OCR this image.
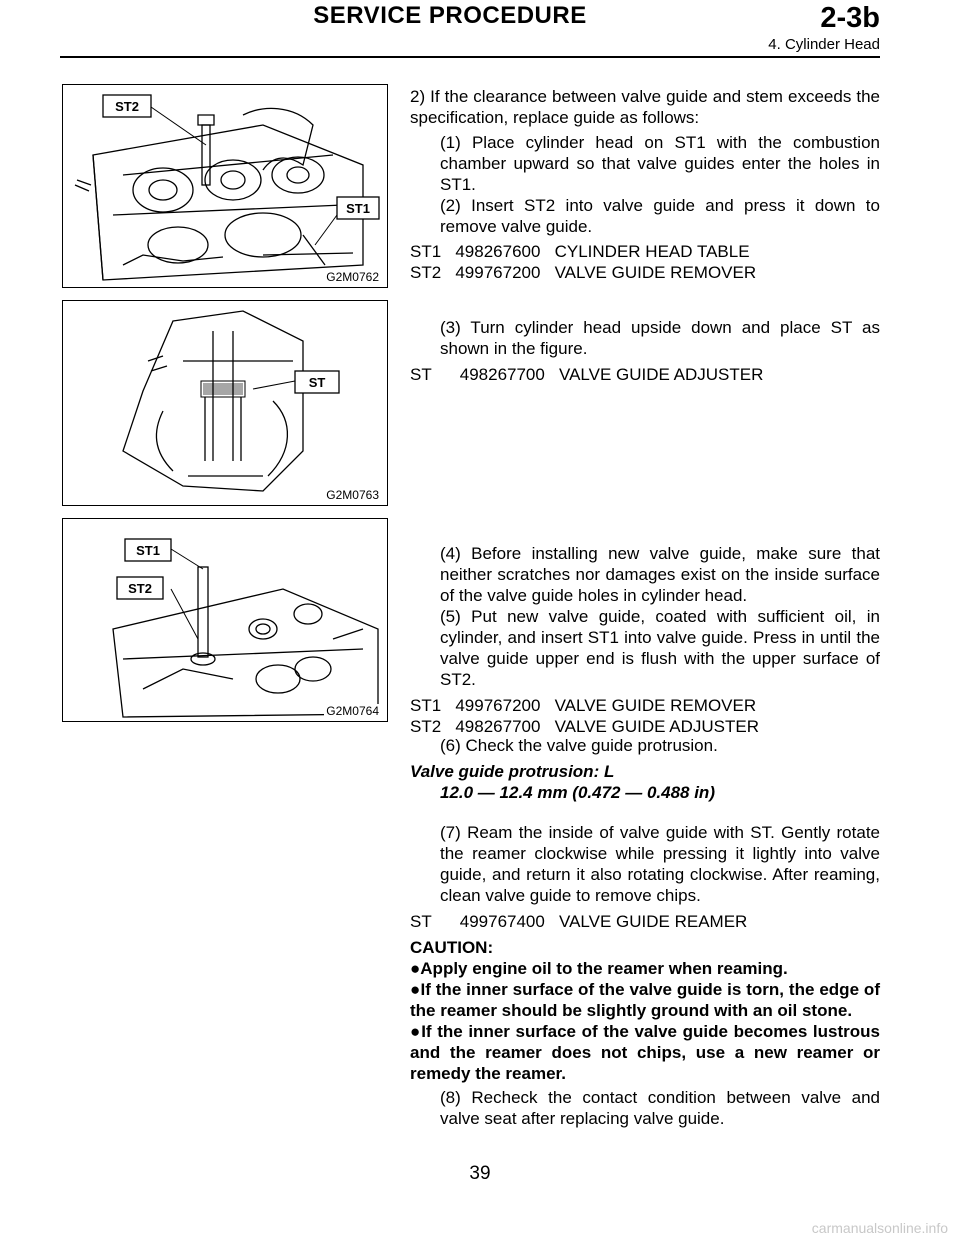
SERVICE PROCEDURE	2-3b
4. Cylinder Head
ST2
ST1
G2M0762
ST
G2M0763
ST1
ST2
G2M0764

2) If the clearance between valve guide and stem exceeds the specification, replace guide as follows:

(1) Place cylinder head on ST1 with the combustion chamber upward so that valve guides enter the holes in ST1.

(2) Insert ST2 into valve guide and press it down to remove valve guide.

ST1   498267600   CYLINDER HEAD TABLE

ST2   499767200   VALVE GUIDE REMOVER

(3) Turn cylinder head upside down and place ST as shown in the figure.

ST      498267700   VALVE GUIDE ADJUSTER

(4) Before installing new valve guide, make sure that neither scratches nor damages exist on the inside surface of the valve guide holes in cylinder head.

(5) Put new valve guide, coated with sufficient oil, in cylinder, and insert ST1 into valve guide. Press in until the valve guide upper end is flush with the upper surface of ST2.

ST1   499767200   VALVE GUIDE REMOVER

ST2   498267700   VALVE GUIDE ADJUSTER

(6) Check the valve guide protrusion.

Valve guide protrusion: L

12.0 — 12.4 mm (0.472 — 0.488 in)

(7) Ream the inside of valve guide with ST. Gently rotate the reamer clockwise while pressing it lightly into valve guide, and return it also rotating clockwise. After reaming, clean valve guide to remove chips.

ST      499767400   VALVE GUIDE REAMER

CAUTION:

●Apply engine oil to the reamer when reaming.

●If the inner surface of the valve guide is torn, the edge of the reamer should be slightly ground with an oil stone.

●If the inner surface of the valve guide becomes lustrous and the reamer does not chips, use a new reamer or remedy the reamer.

(8) Recheck the contact condition between valve and valve seat after replacing valve guide.

39
carmanualsonline.info
